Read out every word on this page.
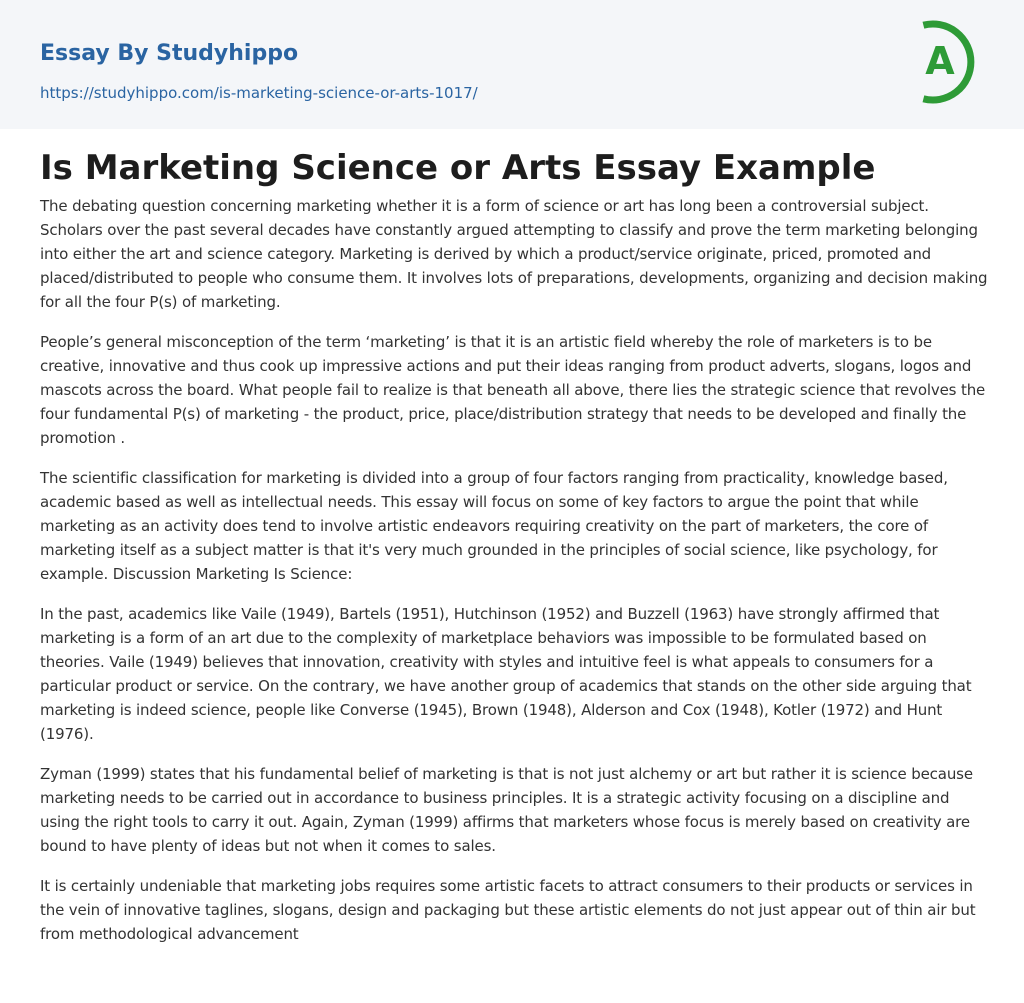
Essay By Studyhippo
https://studyhippo.com/is-marketing-science-or-arts-1017/
A
Is Marketing Science or Arts Essay Example

The debating question concerning marketing whether it is a form of science or art has long been a controversial subject. Scholars over the past several decades have constantly argued attempting to classify and prove the term marketing belonging into either the art and science category. Marketing is derived by which a product/service originate, priced, promoted and placed/distributed to people who consume them. It involves lots of preparations, developments, organizing and decision making for all the four P(s) of marketing.

People’s general misconception of the term ‘marketing’ is that it is an artistic field whereby the role of marketers is to be creative, innovative and thus cook up impressive actions and put their ideas ranging from product adverts, slogans, logos and mascots across the board. What people fail to realize is that beneath all above, there lies the strategic science that revolves the four fundamental P(s) of marketing - the product, price, place/distribution strategy that needs to be developed and finally the promotion .

The scientific classification for marketing is divided into a group of four factors ranging from practicality, knowledge based, academic based as well as intellectual needs. This essay will focus on some of key factors to argue the point that while marketing as an activity does tend to involve artistic endeavors requiring creativity on the part of marketers, the core of marketing itself as a subject matter is that it's very much grounded in the principles of social science, like psychology, for example. Discussion Marketing Is Science:

In the past, academics like Vaile (1949), Bartels (1951), Hutchinson (1952) and Buzzell (1963) have strongly affirmed that marketing is a form of an art due to the complexity of marketplace behaviors was impossible to be formulated based on theories. Vaile (1949) believes that innovation, creativity with styles and intuitive feel is what appeals to consumers for a particular product or service. On the contrary, we have another group of academics that stands on the other side arguing that marketing is indeed science, people like Converse (1945), Brown (1948), Alderson and Cox (1948), Kotler (1972) and Hunt (1976).

Zyman (1999) states that his fundamental belief of marketing is that is not just alchemy or art but rather it is science because marketing needs to be carried out in accordance to business principles. It is a strategic activity focusing on a discipline and using the right tools to carry it out. Again, Zyman (1999) affirms that marketers whose focus is merely based on creativity are bound to have plenty of ideas but not when it comes to sales.

It is certainly undeniable that marketing jobs requires some artistic facets to attract consumers to their products or services in the vein of innovative taglines, slogans, design and packaging but these artistic elements do not just appear out of thin air but from methodological advancement
